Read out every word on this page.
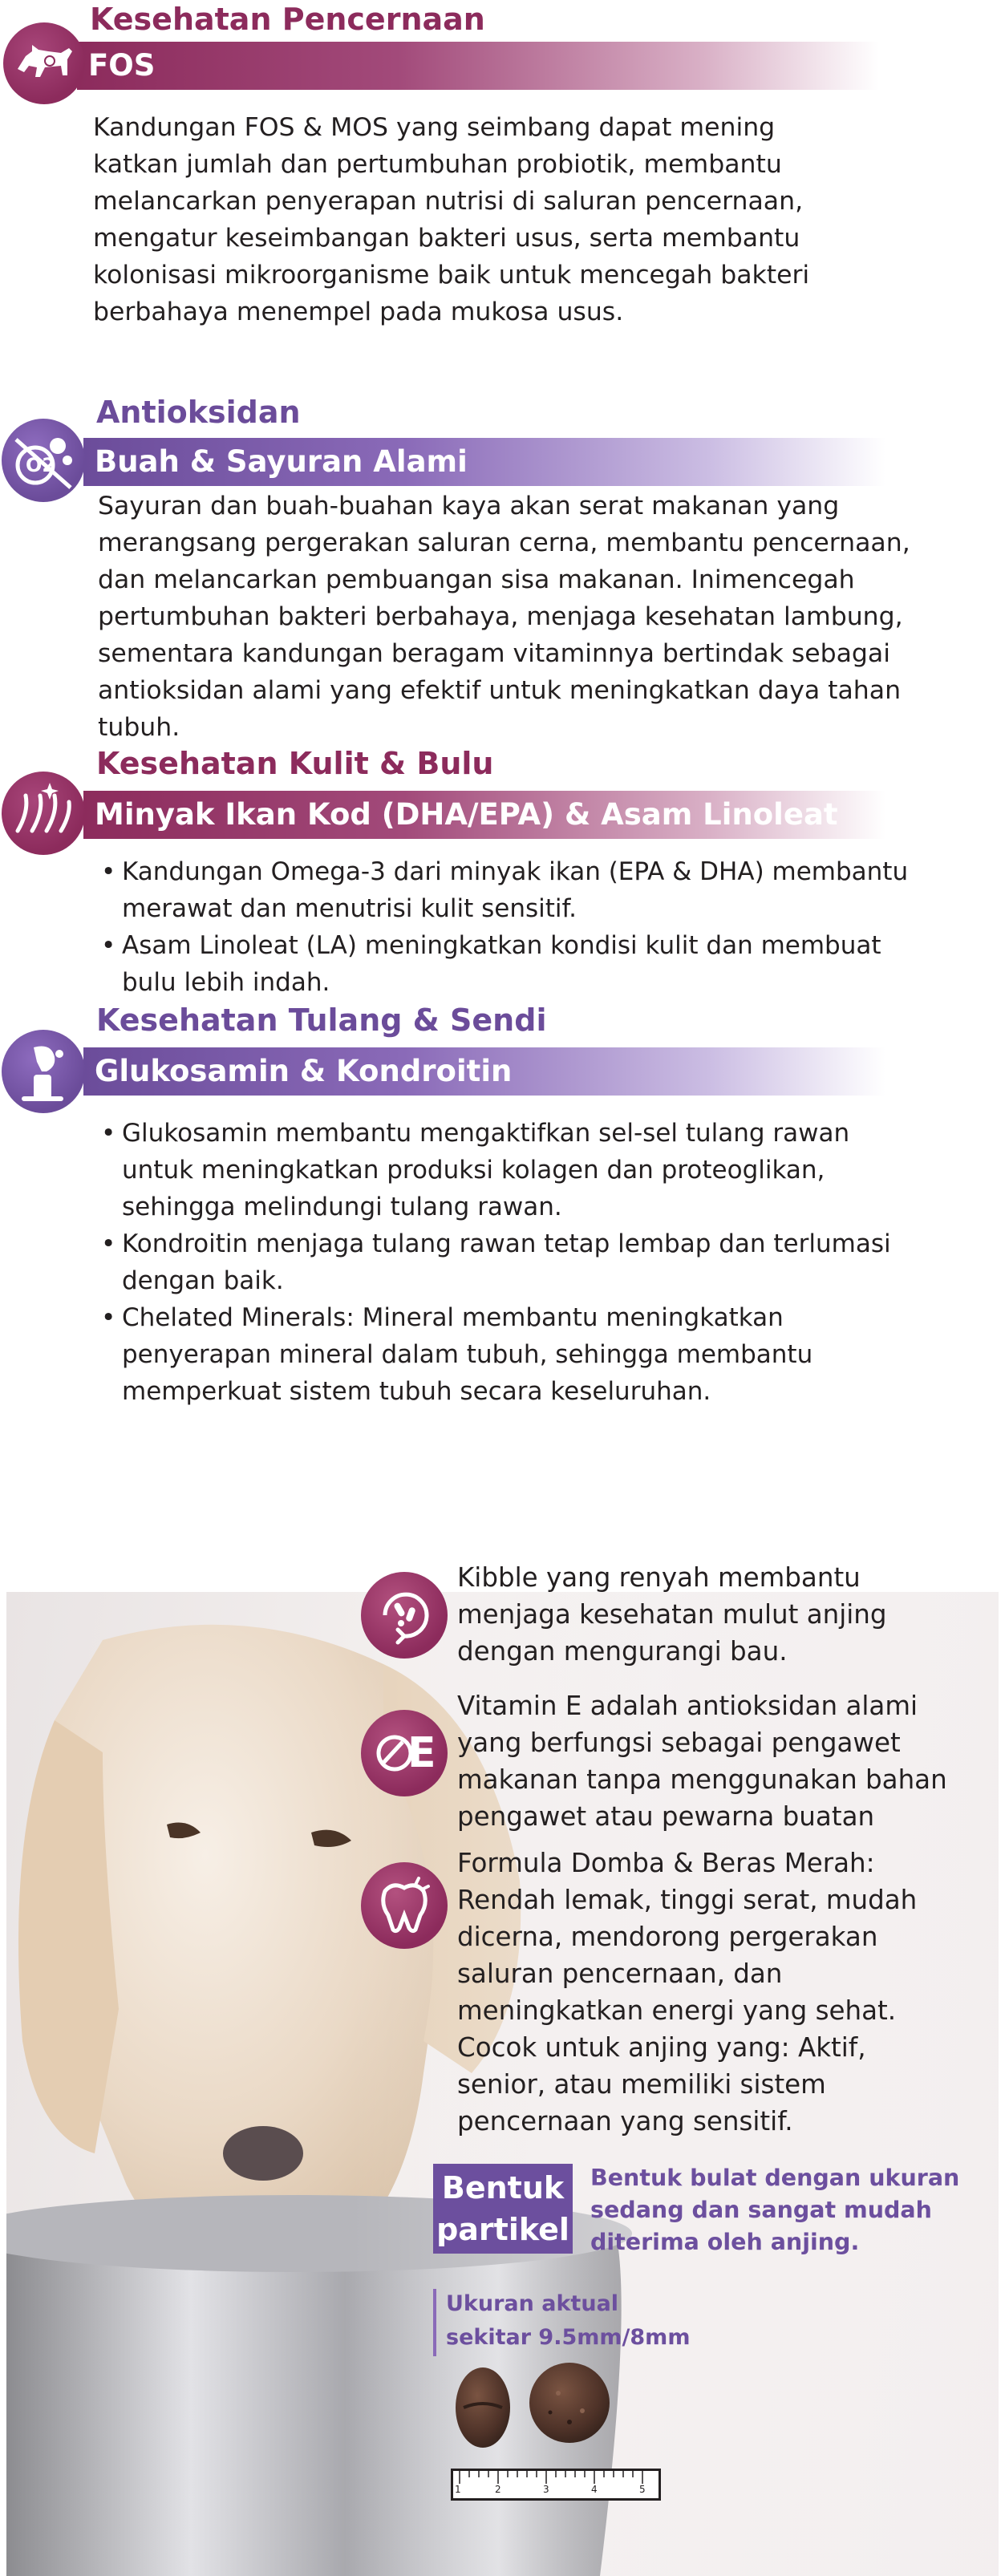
Kesehatan Pencernaan
FOS
Kandungan FOS & MOS yang seimbang dapat mening
katkan jumlah dan pertumbuhan probiotik, membantu
melancarkan penyerapan nutrisi di saluran pencernaan,
mengatur keseimbangan bakteri usus, serta membantu
kolonisasi mikroorganisme baik untuk mencegah bakteri
berbahaya menempel pada mukosa usus.
Antioksidan
Buah & Sayuran Alami
O2
Sayuran dan buah-buahan kaya akan serat makanan yang
merangsang pergerakan saluran cerna, membantu pencernaan,
dan melancarkan pembuangan sisa makanan. Inimencegah
pertumbuhan bakteri berbahaya, menjaga kesehatan lambung,
sementara kandungan beragam vitaminnya bertindak sebagai
antioksidan alami yang efektif untuk meningkatkan daya tahan
tubuh.
Kesehatan Kulit & Bulu
Minyak Ikan Kod (DHA/EPA) & Asam Linoleat
• Kandungan Omega-3 dari minyak ikan (EPA & DHA) membantu
merawat dan menutrisi kulit sensitif.
• Asam Linoleat (LA) meningkatkan kondisi kulit dan membuat
bulu lebih indah.
Kesehatan Tulang & Sendi
Glukosamin & Kondroitin
• Glukosamin membantu mengaktifkan sel-sel tulang rawan
untuk meningkatkan produksi kolagen dan proteoglikan,
sehingga melindungi tulang rawan.
• Kondroitin menjaga tulang rawan tetap lembap dan terlumasi
dengan baik.
• Chelated Minerals: Mineral membantu meningkatkan
penyerapan mineral dalam tubuh, sehingga membantu
memperkuat sistem tubuh secara keseluruhan.
Kibble yang renyah membantu
menjaga kesehatan mulut anjing
dengan mengurangi bau.
E
Vitamin E adalah antioksidan alami
yang berfungsi sebagai pengawet
makanan tanpa menggunakan bahan
pengawet atau pewarna buatan
Formula Domba & Beras Merah:
Rendah lemak, tinggi serat, mudah
dicerna, mendorong pergerakan
saluran pencernaan, dan
meningkatkan energi yang sehat.
Cocok untuk anjing yang: Aktif,
senior, atau memiliki sistem
pencernaan yang sensitif.
Bentuk
partikel
Bentuk bulat dengan ukuran
sedang dan sangat mudah
diterima oleh anjing.
Ukuran aktual
sekitar 9.5mm/8mm
1	2	3	4	5
